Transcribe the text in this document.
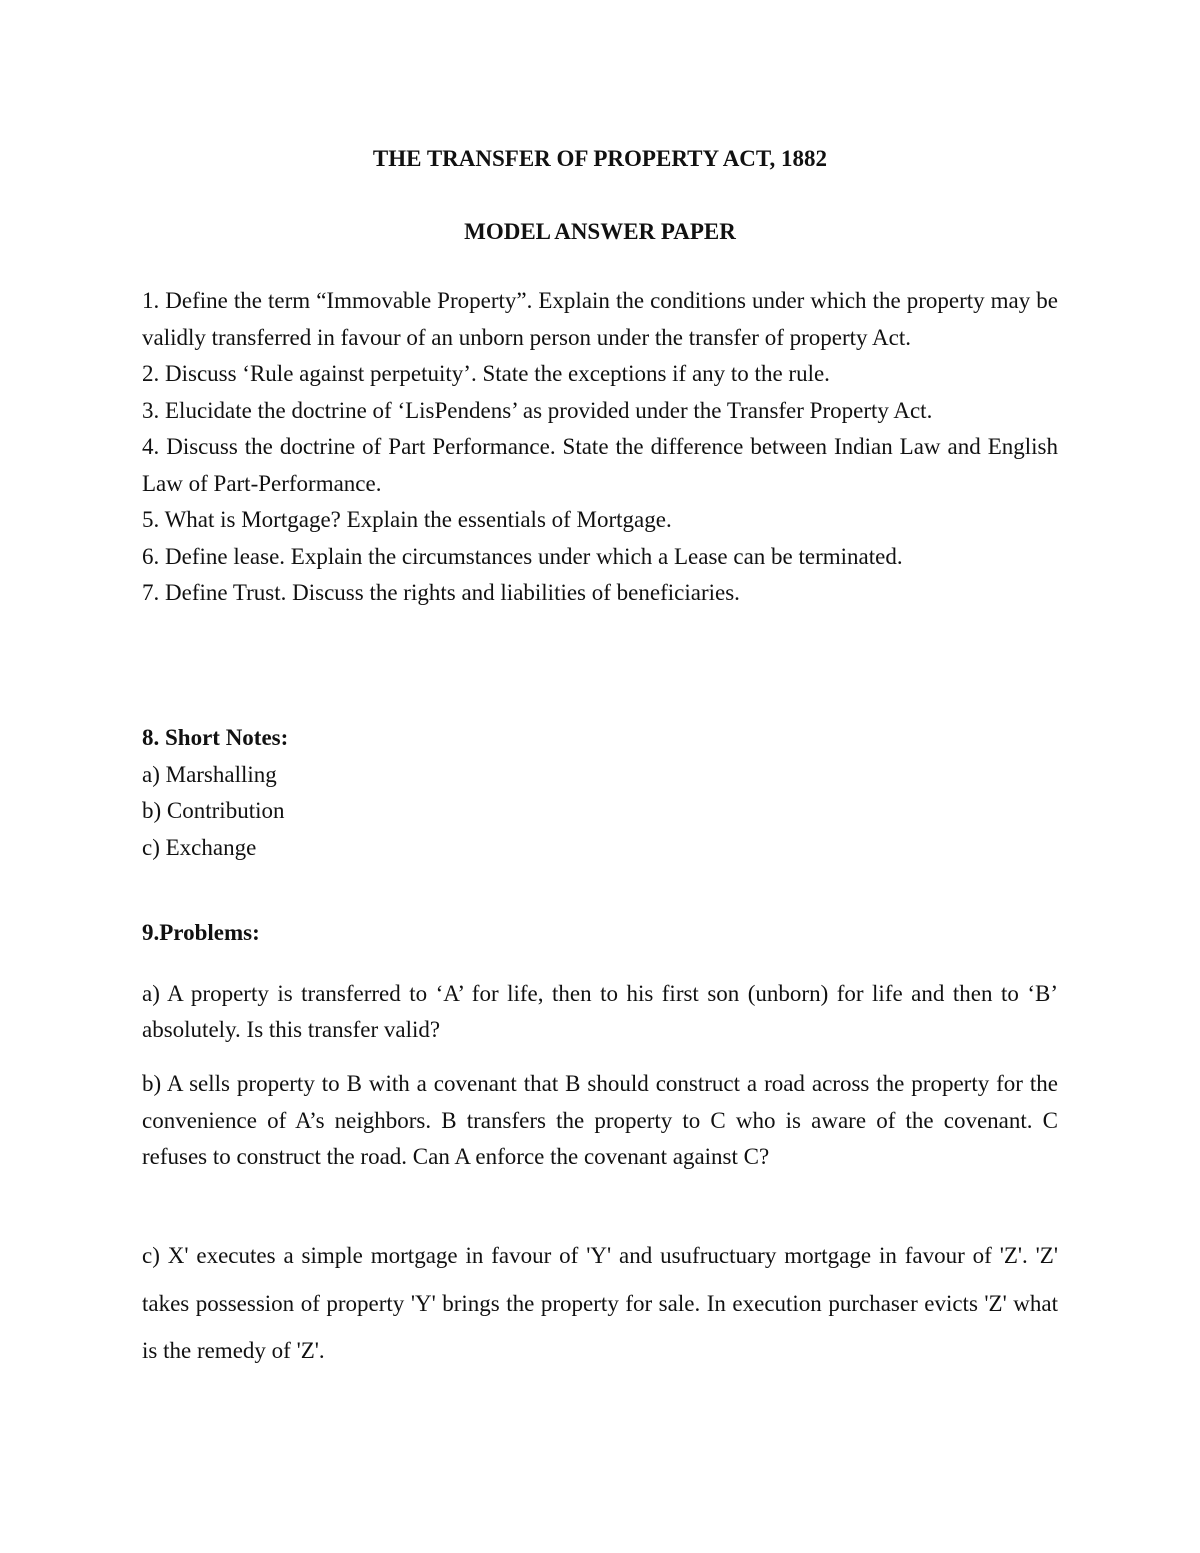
THE TRANSFER OF PROPERTY ACT, 1882
MODEL ANSWER PAPER

1. Define the term “Immovable Property”. Explain the conditions under which the property may be validly transferred in favour of an unborn person under the transfer of property Act.

2. Discuss ‘Rule against perpetuity’. State the exceptions if any to the rule.

3. Elucidate the doctrine of ‘LisPendens’ as provided under the Transfer Property Act.

4. Discuss the doctrine of Part Performance. State the difference between Indian Law and English Law of Part-Performance.

5. What is Mortgage? Explain the essentials of Mortgage.

6. Define lease. Explain the circumstances under which a Lease can be terminated.

7. Define Trust. Discuss the rights and liabilities of beneficiaries.

8. Short Notes:

a) Marshalling

b) Contribution

c) Exchange

9.Problems:

a) A property is transferred to ‘A’ for life, then to his first son (unborn) for life and then to ‘B’ absolutely. Is this transfer valid?

b) A sells property to B with a covenant that B should construct a road across the property for the convenience of A’s neighbors. B transfers the property to C who is aware of the covenant. C refuses to construct the road. Can A enforce the covenant against C?

c) X' executes a simple mortgage in favour of 'Y' and usufructuary mortgage in favour of 'Z'. 'Z' takes possession of property 'Y' brings the property for sale. In execution purchaser evicts 'Z' what is the remedy of 'Z'.
